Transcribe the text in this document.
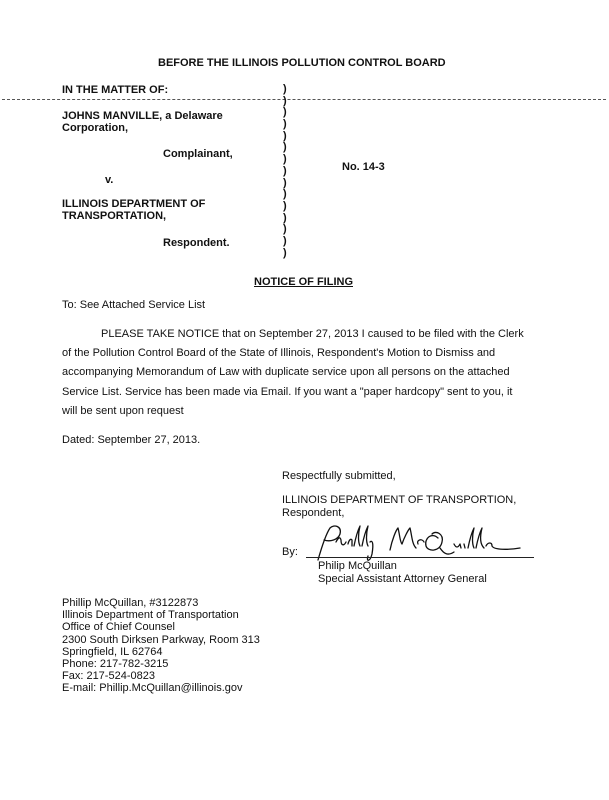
BEFORE THE ILLINOIS POLLUTION CONTROL BOARD
IN THE MATTER OF:
JOHNS MANVILLE, a Delaware
Corporation,
Complainant,
v.
ILLINOIS DEPARTMENT OF
TRANSPORTATION,
Respondent.
)
)
)
)
)
)
)
)
)
)
)
)
)
)
)
No. 14-3
NOTICE OF FILING
To: See Attached Service List
PLEASE TAKE NOTICE that on September 27, 2013 I caused to be filed with the Clerk
of the Pollution Control Board of the State of Illinois, Respondent's Motion to Dismiss and
accompanying Memorandum of Law with duplicate service upon all persons on the attached
Service List. Service has been made via Email. If you want a "paper hardcopy" sent to you, it
will be sent upon request
Dated: September 27, 2013.
Respectfully submitted,
ILLINOIS DEPARTMENT OF TRANSPORTION,
Respondent,
By:
Philip McQuillan
Special Assistant Attorney General
Phillip McQuillan, #3122873
Illinois Department of Transportation
Office of Chief Counsel
2300 South Dirksen Parkway, Room 313
Springfield, IL 62764
Phone: 217-782-3215
Fax: 217-524-0823
E-mail: Phillip.McQuillan@illinois.gov
